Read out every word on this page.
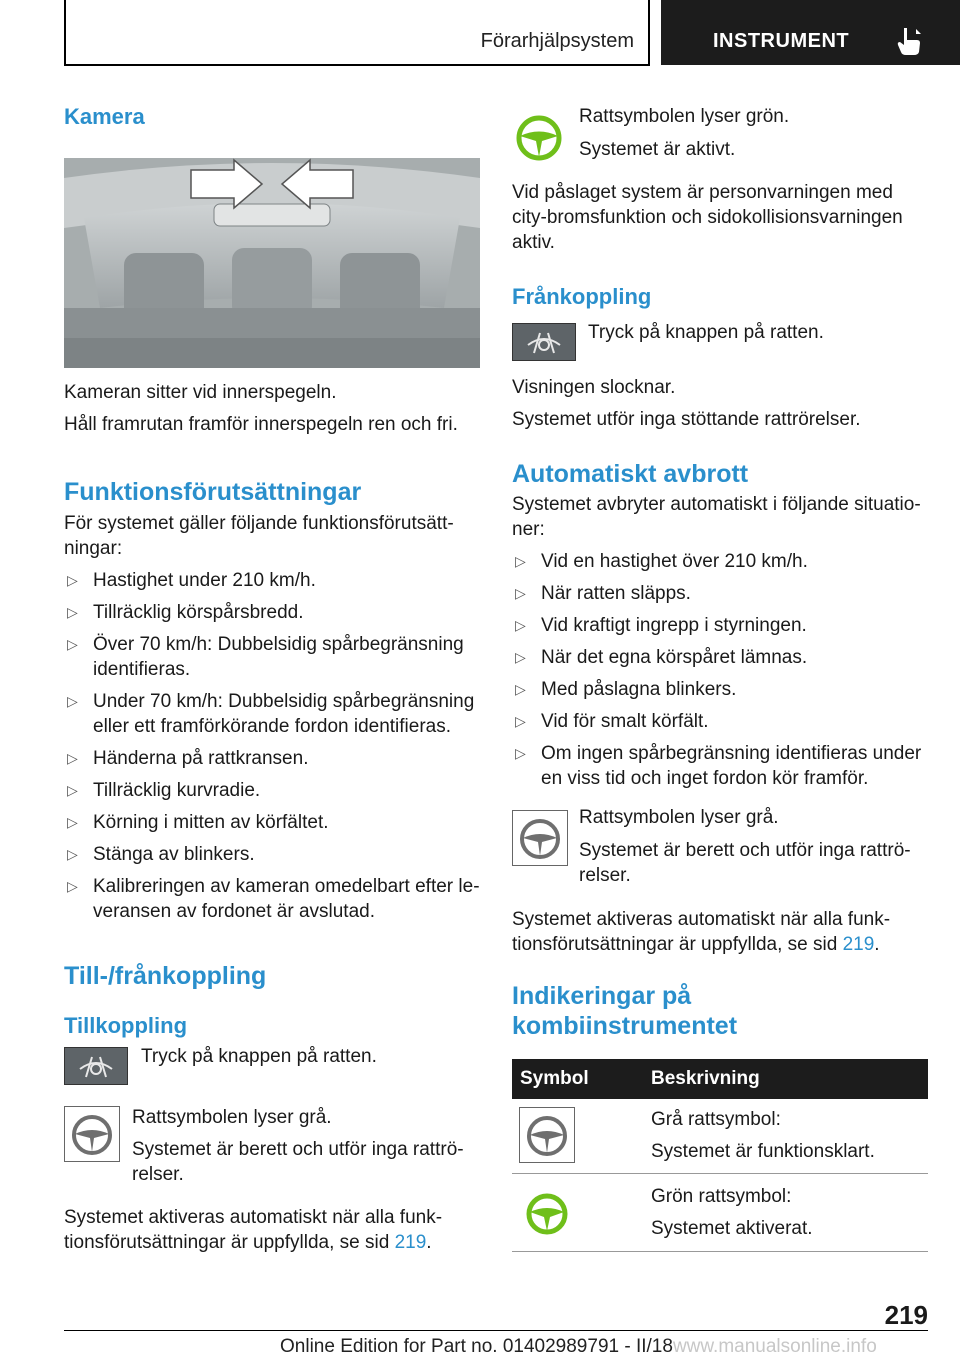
Förarhjälpsystem	INSTRUMENT
Kamera

Kameran sitter vid innerspegeln.

Håll framrutan framför innerspegeln ren och fri.

Funktionsförutsättningar

För systemet gäller följande funktionsförutsätt-
ningar:

▷ Hastighet under 210 km/h.
▷ Tillräcklig körspårsbredd.
▷ Över 70 km/h: Dubbelsidig spårbegränsning
identifieras.
▷ Under 70 km/h: Dubbelsidig spårbegränsning
eller ett framförkörande fordon identifieras.
▷ Händerna på rattkransen.
▷ Tillräcklig kurvradie.
▷ Körning i mitten av körfältet.
▷ Stänga av blinkers.
▷ Kalibreringen av kameran omedelbart efter le-
veransen av fordonet är avslutad.
Till-/frånkoppling
Tillkoppling

Tryck på knappen på ratten.

Rattsymbolen lyser grå.

Systemet är berett och utför inga rattrö-
relser.

Systemet aktiveras automatiskt när alla funk-
tionsförutsättningar är uppfyllda, se sid 219.

Rattsymbolen lyser grön.

Systemet är aktivt.

Vid påslaget system är personvarningen med
city-bromsfunktion och sidokollisionsvarningen
aktiv.

Frånkoppling

Tryck på knappen på ratten.

Visningen slocknar.

Systemet utför inga stöttande rattrörelser.

Automatiskt avbrott

Systemet avbryter automatiskt i följande situatio-
ner:

▷ Vid en hastighet över 210 km/h.
▷ När ratten släpps.
▷ Vid kraftigt ingrepp i styrningen.
▷ När det egna körspåret lämnas.
▷ Med påslagna blinkers.
▷ Vid för smalt körfält.
▷ Om ingen spårbegränsning identifieras under
en viss tid och inget fordon kör framför.

Rattsymbolen lyser grå.

Systemet är berett och utför inga rattrö-
relser.

Systemet aktiveras automatiskt när alla funk-
tionsförutsättningar är uppfyllda, se sid 219.

Indikeringar på
kombiinstrumentet
Symbol	Beskrivning

Grå rattsymbol:
Systemet är funktionsklart.

Grön rattsymbol:
Systemet aktiverat.
219
Online Edition for Part no. 01402989791 - II/18www.manualsonline.info
